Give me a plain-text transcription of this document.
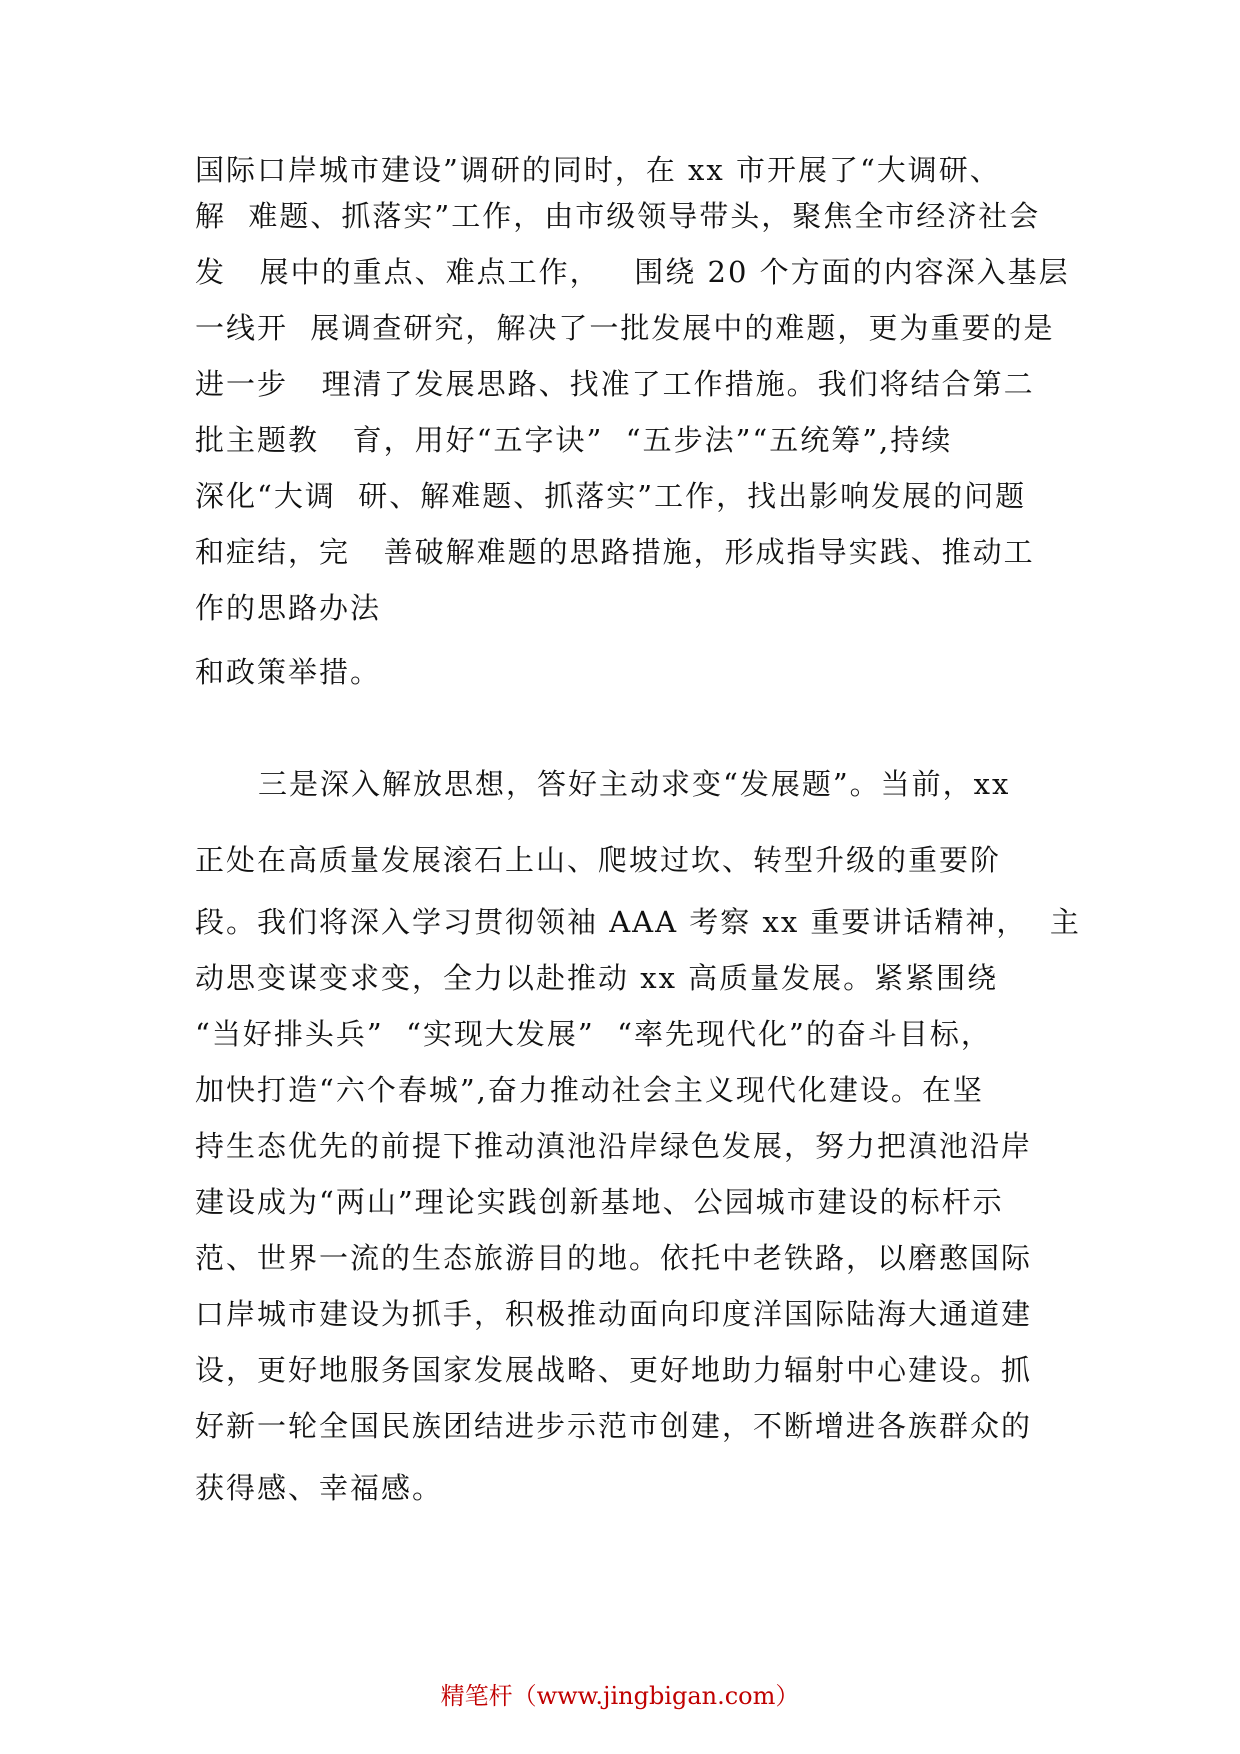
国际口岸城市建设”调研的同时，在 xx 市开展了“大调研、
解  难题、抓落实”工作，由市级领导带头，聚焦全市经济社会
发   展中的重点、难点工作，   围绕 20 个方面的内容深入基层
一线开  展调查研究，解决了一批发展中的难题，更为重要的是
进一步   理清了发展思路、找准了工作措施。我们将结合第二
批主题教   育，用好“五字诀”  “五步法”“五统筹”,持续
深化“大调  研、解难题、抓落实”工作，找出影响发展的问题
和症结，完   善破解难题的思路措施，形成指导实践、推动工
作的思路办法
和政策举措。
三是深入解放思想，答好主动求变“发展题”。当前，xx
正处在高质量发展滚石上山、爬坡过坎、转型升级的重要阶
段。我们将深入学习贯彻领袖 AAA 考察 xx 重要讲话精神，  主
动思变谋变求变，全力以赴推动 xx 高质量发展。紧紧围绕
“当好排头兵”  “实现大发展”  “率先现代化”的奋斗目标，
加快打造“六个春城”,奋力推动社会主义现代化建设。在坚
持生态优先的前提下推动滇池沿岸绿色发展，努力把滇池沿岸
建设成为“两山”理论实践创新基地、公园城市建设的标杆示
范、世界一流的生态旅游目的地。依托中老铁路，以磨憨国际
口岸城市建设为抓手，积极推动面向印度洋国际陆海大通道建
设，更好地服务国家发展战略、更好地助力辐射中心建设。抓
好新一轮全国民族团结进步示范市创建，不断增进各族群众的
获得感、幸福感。
精笔杆（www.jingbigan.com）
